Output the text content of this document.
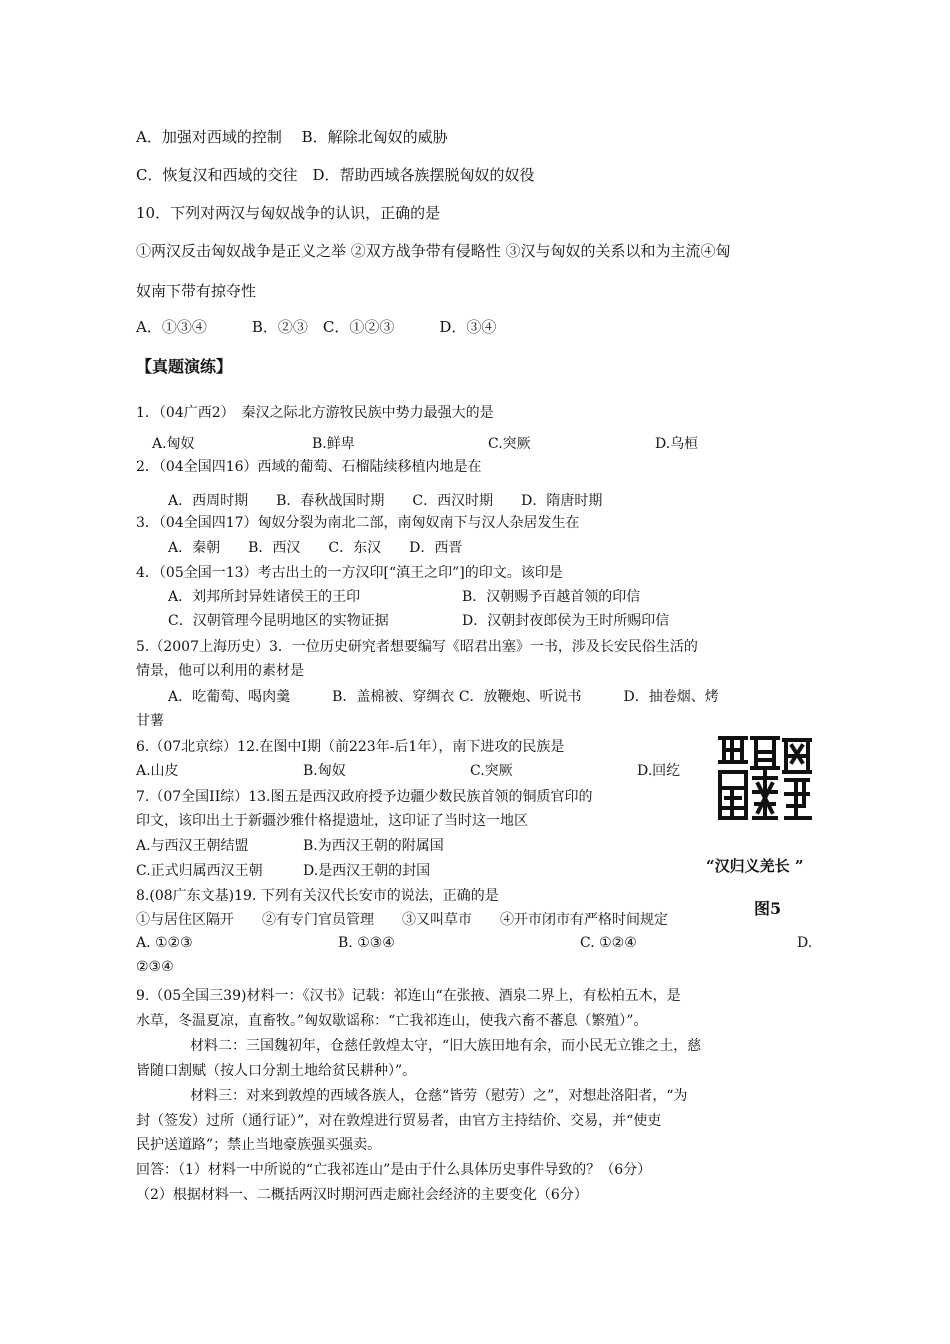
A．加强对西域的控制　 B．解除北匈奴的威胁

C．恢复汉和西域的交往　D．帮助西域各族摆脱匈奴的奴役

10．下列对两汉与匈奴战争的认识，正确的是

①两汉反击匈奴战争是正义之举 ②双方战争带有侵略性 ③汉与匈奴的关系以和为主流④匈

奴南下带有掠夺性

A．①③④　　　B．②③　C．①②③　　　D．③④

【真题演练】

1．（04广西2）　秦汉之际北方游牧民族中势力最强大的是

A.匈奴	B.鲜卑	C.突厥	D.乌桓

2．（04全国四16）西域的葡萄、石榴陆续移植内地是在

A．西周时期　　B．春秋战国时期　　C．西汉时期　　D．隋唐时期

3．（04全国四17）匈奴分裂为南北二部，南匈奴南下与汉人杂居发生在

A．秦朝　　B．西汉　　C．东汉　　D．西晋

4．（05全国一13）考古出土的一方汉印[“滇王之印”]的印文。该印是

A．刘邦所封异姓诸侯王的王印	B．汉朝赐予百越首领的印信

C．汉朝管理今昆明地区的实物证据	D．汉朝封夜郎侯为王时所赐印信

5.（2007上海历史）3．一位历史研究者想要编写《昭君出塞》一书，涉及长安民俗生活的

情景，他可以利用的素材是

A．吃葡萄、喝肉羹　　　B．盖棉被、穿绸衣 C．放鞭炮、听说书　　　D．抽卷烟、烤

甘薯

6.（07北京综）12.在图中Ⅰ期（前223年-后1年），南下进攻的民族是

A.山皮	B.匈奴	C.突厥	D.回纥

7.（07全国II综）13.图五是西汉政府授予边疆少数民族首领的铜质官印的

印文，该印出土于新疆沙雅什格提遗址，这印证了当时这一地区

A.与西汉王朝结盟	B.为西汉王朝的附属国

C.正式归属西汉王朝	D.是西汉王朝的封国

8.(08广东文基)19. 下列有关汉代长安市的说法，正确的是

①与居住区隔开　　②有专门官员管理　　③又叫草市　　④开市闭市有严格时间规定

A. ①②③	B. ①③④	C. ①②④	D.

②③④

9.（05全国三39)材料一：《汉书》记载：祁连山“在张掖、酒泉二界上，有松柏五木，是

水草，冬温夏凉，直畜牧。”匈奴歇谣称：“亡我祁连山，使我六畜不蕃息（繁殖）”。

材料二：三国魏初年，仓慈任敦煌太守，“旧大族田地有余，而小民无立锥之土，慈

皆随口割赋（按人口分割土地给贫民耕种）”。

材料三：对来到敦煌的西域各族人，仓慈“皆劳（慰劳）之”，对想赴洛阳者，“为

封（签发）过所（通行证）”，对在敦煌进行贸易者，由官方主持结价、交易，并“使吏

民护送道路”；禁止当地豪族强买强卖。

回答：（1）材料一中所说的“亡我祁连山”是由于什么具体历史事件导致的？（6分）

（2）根据材料一、二概括两汉时期河西走廊社会经济的主要变化（6分）

“汉归义羌长 ”

图5
